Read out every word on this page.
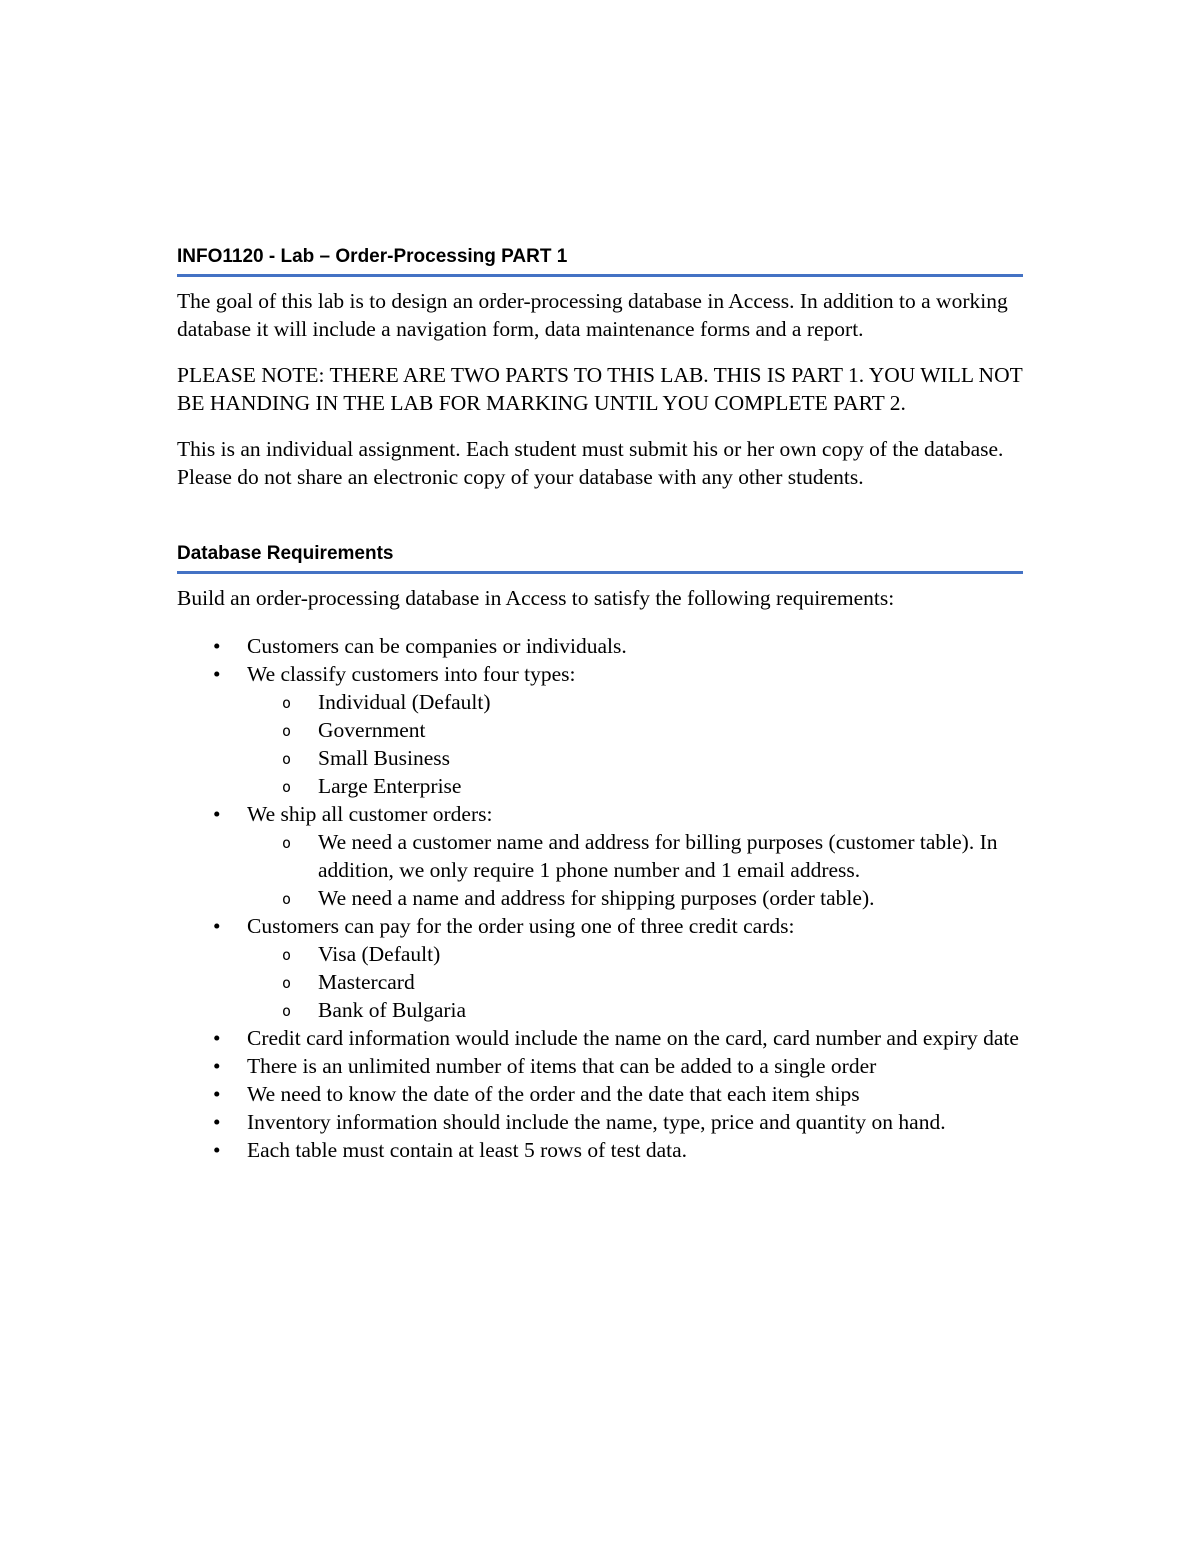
INFO1120 - Lab – Order-Processing PART 1

The goal of this lab is to design an order-processing database in Access. In addition to a working database it will include a navigation form, data maintenance forms and a report.

PLEASE NOTE: THERE ARE TWO PARTS TO THIS LAB. THIS IS PART 1. YOU WILL NOT BE HANDING IN THE LAB FOR MARKING UNTIL YOU COMPLETE PART 2.

This is an individual assignment. Each student must submit his or her own copy of the database. Please do not share an electronic copy of your database with any other students.

Database Requirements

Build an order-processing database in Access to satisfy the following requirements:

• Customers can be companies or individuals.
• We classify customers into four types:
o Individual (Default)
o Government
o Small Business
o Large Enterprise
• We ship all customer orders:
o We need a customer name and address for billing purposes (customer table). In addition, we only require 1 phone number and 1 email address.
o We need a name and address for shipping purposes (order table).
• Customers can pay for the order using one of three credit cards:
o Visa (Default)
o Mastercard
o Bank of Bulgaria
• Credit card information would include the name on the card, card number and expiry date
• There is an unlimited number of items that can be added to a single order
• We need to know the date of the order and the date that each item ships
• Inventory information should include the name, type, price and quantity on hand.
• Each table must contain at least 5 rows of test data.
